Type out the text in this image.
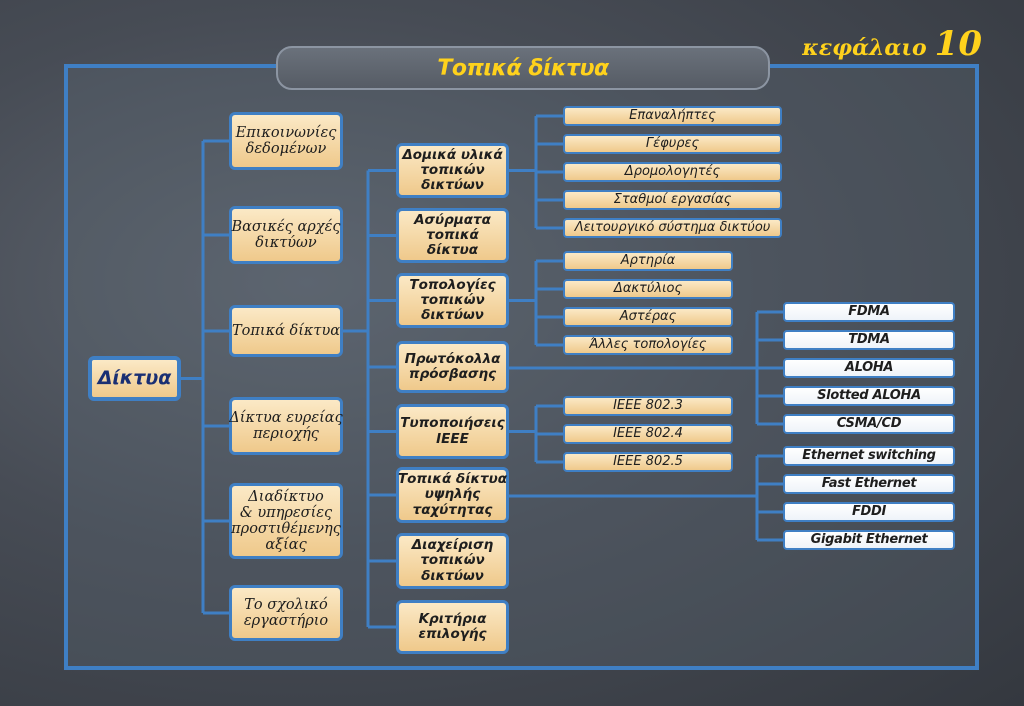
Τοπικά δίκτυα
κεφάλαιο 10
Δίκτυα
Επικοινωνίες
δεδομένων
Βασικές αρχές
δικτύων
Τοπικά δίκτυα
Δίκτυα ευρείας
περιοχής
Διαδίκτυο
& υπηρεσίες
προστιθέμενης
αξίας
Το σχολικό
εργαστήριο
Δομικά υλικά
τοπικών
δικτύων
Ασύρματα
τοπικά
δίκτυα
Τοπολογίες
τοπικών
δικτύων
Πρωτόκολλα
πρόσβασης
Τυποποιήσεις
IEEE
Τοπικά δίκτυα
υψηλής
ταχύτητας
Διαχείριση
τοπικών
δικτύων
Κριτήρια
επιλογής
Επαναλήπτες
Γέφυρες
Δρομολογητές
Σταθμοί εργασίας
Λειτουργικό σύστημα δικτύου
Αρτηρία
Δακτύλιος
Αστέρας
Άλλες τοπολογίες
IEEE 802.3
IEEE 802.4
IEEE 802.5
FDMA
TDMA
ALOHA
Slotted ALOHA
CSMA/CD
Ethernet switching
Fast Ethernet
FDDI
Gigabit Ethernet
